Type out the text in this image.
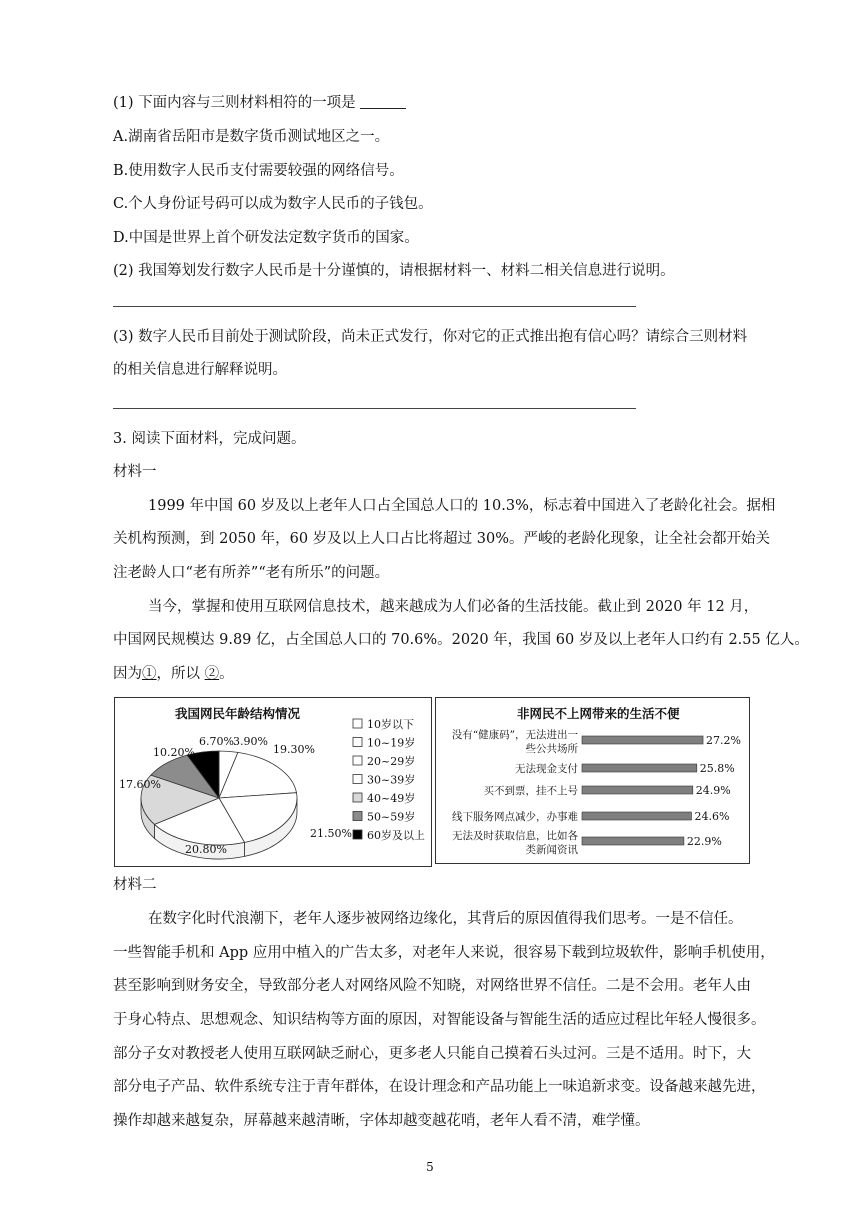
(1) 下面内容与三则材料相符的一项是
A.湖南省岳阳市是数字货币测试地区之一。
B.使用数字人民币支付需要较强的网络信号。
C.个人身份证号码可以成为数字人民币的子钱包。
D.中国是世界上首个研发法定数字货币的国家。
(2) 我国筹划发行数字人民币是十分谨慎的，请根据材料一、材料二相关信息进行说明。
(3) 数字人民币目前处于测试阶段，尚未正式发行，你对它的正式推出抱有信心吗？请综合三则材料
的相关信息进行解释说明。
3. 阅读下面材料，完成问题。
材料一
1999 年中国 60 岁及以上老年人口占全国总人口的 10.3%，标志着中国进入了老龄化社会。据相
关机构预测，到 2050 年，60 岁及以上人口占比将超过 30%。严峻的老龄化现象，让全社会都开始关
注老龄人口“老有所养”“老有所乐”的问题。
当今，掌握和使用互联网信息技术，越来越成为人们必备的生活技能。截止到 2020 年 12 月，
中国网民规模达 9.89 亿，占全国总人口的 70.6%。2020 年，我国 60 岁及以上老年人口约有 2.55 亿人。
因为①，所以 ②。
我国网民年龄结构情况
3.90%
19.30%
21.50%
20.80%
17.60%
10.20%
6.70%
10岁以下
10~19岁
20~29岁
30~39岁
40~49岁
50~59岁
60岁及以上
非网民不上网带来的生活不便
27.2%
没有“健康码”，无法进出一
些公共场所
25.8%
无法现金支付
24.9%
买不到票，挂不上号
24.6%
线下服务网点减少，办事难
22.9%
无法及时获取信息，比如各
类新闻资讯
材料二
在数字化时代浪潮下，老年人逐步被网络边缘化，其背后的原因值得我们思考。一是不信任。
一些智能手机和 App 应用中植入的广告太多，对老年人来说，很容易下载到垃圾软件，影响手机使用，
甚至影响到财务安全，导致部分老人对网络风险不知晓，对网络世界不信任。二是不会用。老年人由
于身心特点、思想观念、知识结构等方面的原因，对智能设备与智能生活的适应过程比年轻人慢很多。
部分子女对教授老人使用互联网缺乏耐心，更多老人只能自己摸着石头过河。三是不适用。时下，大
部分电子产品、软件系统专注于青年群体，在设计理念和产品功能上一味追新求变。设备越来越先进，
操作却越来越复杂，屏幕越来越清晰，字体却越变越花哨，老年人看不清，难学懂。
5
